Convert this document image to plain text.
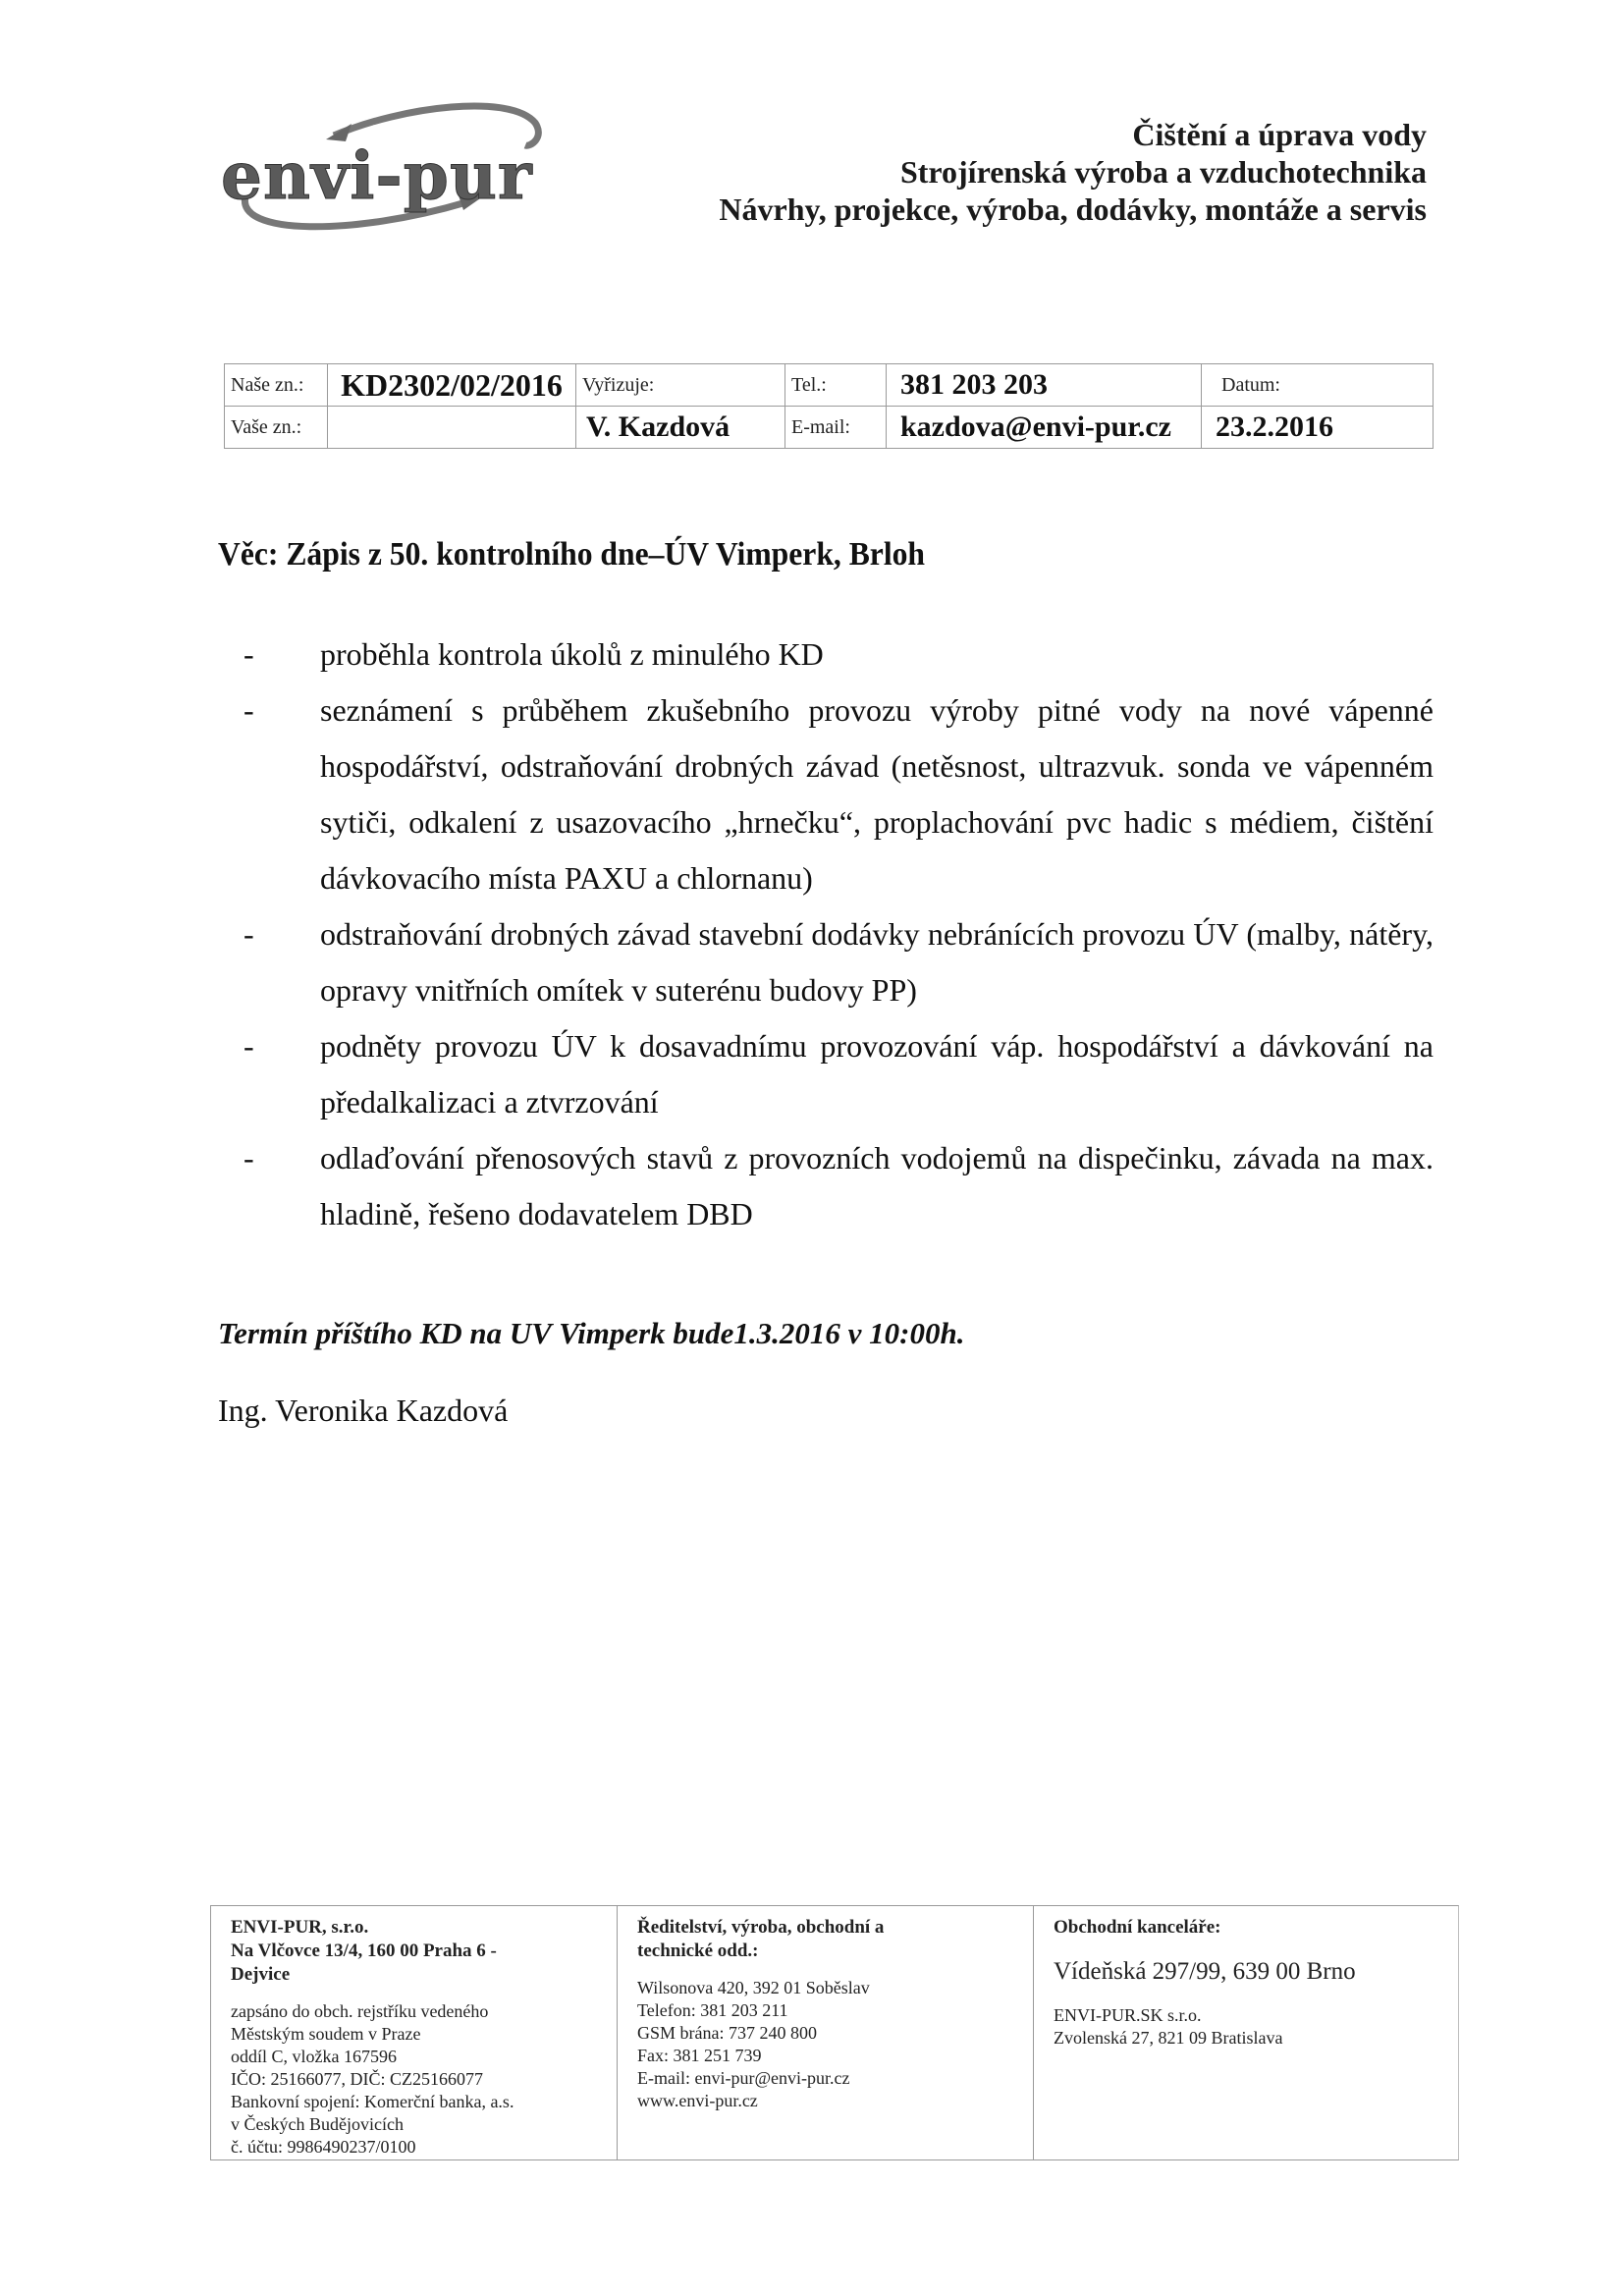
envi-pur
Čištění a úprava vody
Strojírenská výroba a vzduchotechnika
Návrhy, projekce, výroba, dodávky, montáže a servis
Naše zn.:	KD2302/02/2016	Vyřizuje:	Tel.:	381 203 203	Datum:
Vaše zn.:		V. Kazdová	E-mail:	kazdova@envi-pur.cz	23.2.2016
Věc: Zápis z 50. kontrolního dne–ÚV Vimperk, Brloh
- proběhla kontrola úkolů z minulého KD
- seznámení s průběhem zkušebního provozu výroby pitné vody na nové vápenné hospodářství, odstraňování drobných závad (netěsnost, ultrazvuk. sonda ve vápenném sytiči, odkalení z usazovacího „hrnečku“, proplachování pvc hadic s médiem, čištění dávkovacího místa PAXU a chlornanu)
- odstraňování drobných závad stavební dodávky nebránících provozu ÚV (malby, nátěry, opravy vnitřních omítek v suterénu budovy PP)
- podněty provozu ÚV k dosavadnímu provozování váp. hospodářství a dávkování na předalkalizaci a ztvrzování
- odlaďování přenosových stavů z provozních vodojemů na dispečinku, závada na max. hladině, řešeno dodavatelem DBD
Termín příštího KD na UV Vimperk bude1.3.2016 v 10:00h.
Ing. Veronika Kazdová
ENVI-PUR, s.r.o.
Na Vlčovce 13/4, 160 00 Praha 6 -
Dejvice
zapsáno do obch. rejstříku vedeného
Městským soudem v Praze
oddíl C, vložka 167596
IČO: 25166077, DIČ: CZ25166077
Bankovní spojení: Komerční banka, a.s.
v Českých Budějovicích
č. účtu: 9986490237/0100
Ředitelství, výroba, obchodní a
technické odd.:
Wilsonova 420, 392 01 Soběslav
Telefon: 381 203 211
GSM brána: 737 240 800
Fax: 381 251 739
E-mail: envi-pur@envi-pur.cz
www.envi-pur.cz
Obchodní kanceláře:
Vídeňská 297/99, 639 00 Brno
ENVI-PUR.SK s.r.o.
Zvolenská 27, 821 09 Bratislava
